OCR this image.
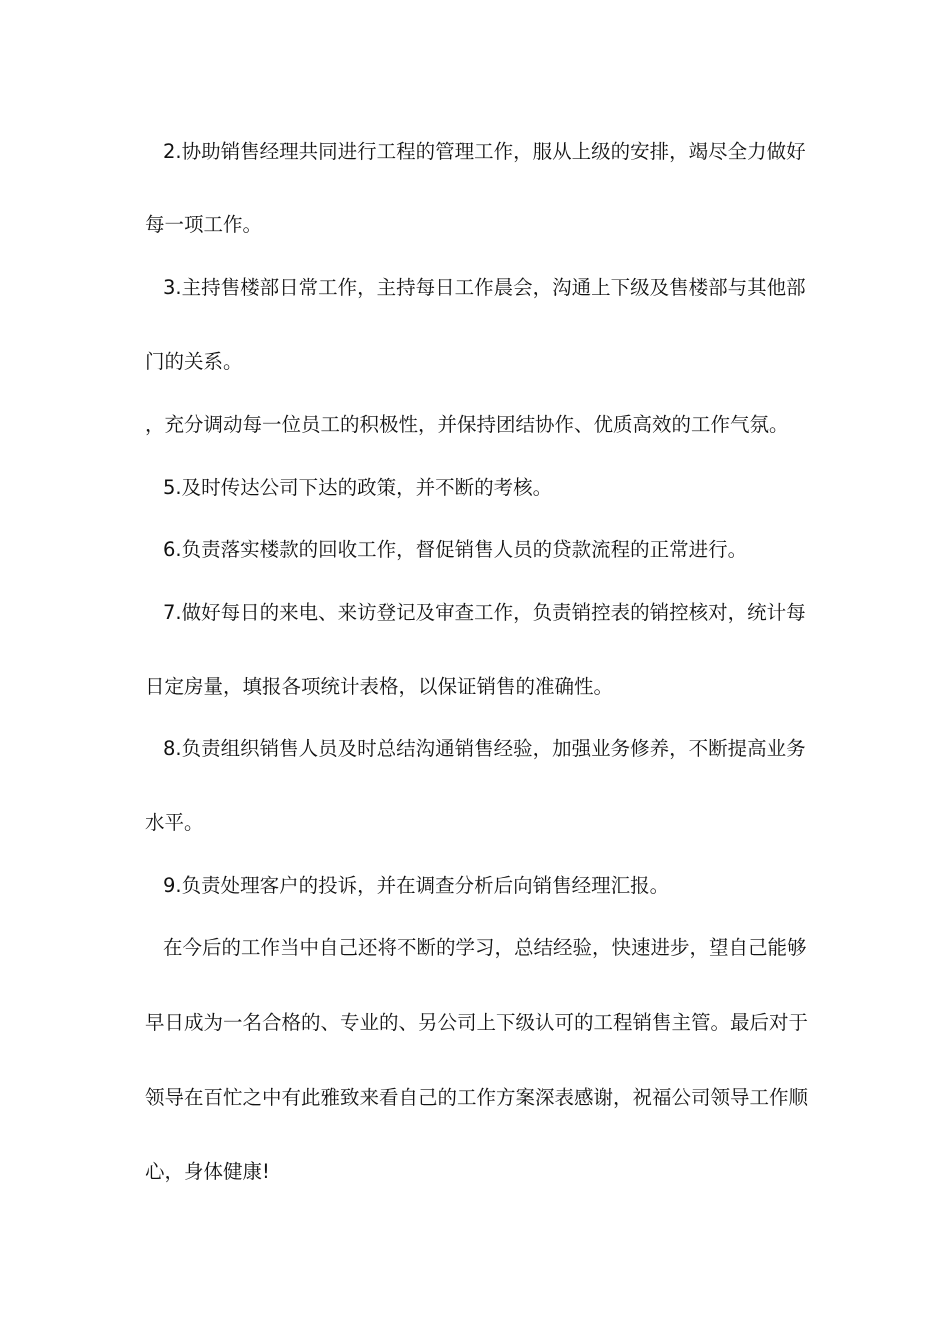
2.协助销售经理共同进行工程的管理工作，服从上级的安排，竭尽全力做好
每一项工作。
3.主持售楼部日常工作，主持每日工作晨会，沟通上下级及售楼部与其他部
门的关系。
，充分调动每一位员工的积极性，并保持团结协作、优质高效的工作气氛。
5.及时传达公司下达的政策，并不断的考核。
6.负责落实楼款的回收工作，督促销售人员的贷款流程的正常进行。
7.做好每日的来电、来访登记及审查工作，负责销控表的销控核对，统计每
日定房量，填报各项统计表格，以保证销售的准确性。
8.负责组织销售人员及时总结沟通销售经验，加强业务修养，不断提高业务
水平。
9.负责处理客户的投诉，并在调查分析后向销售经理汇报。
在今后的工作当中自己还将不断的学习，总结经验，快速进步，望自己能够
早日成为一名合格的、专业的、另公司上下级认可的工程销售主管。最后对于
领导在百忙之中有此雅致来看自己的工作方案深表感谢，祝福公司领导工作顺
心，身体健康!
